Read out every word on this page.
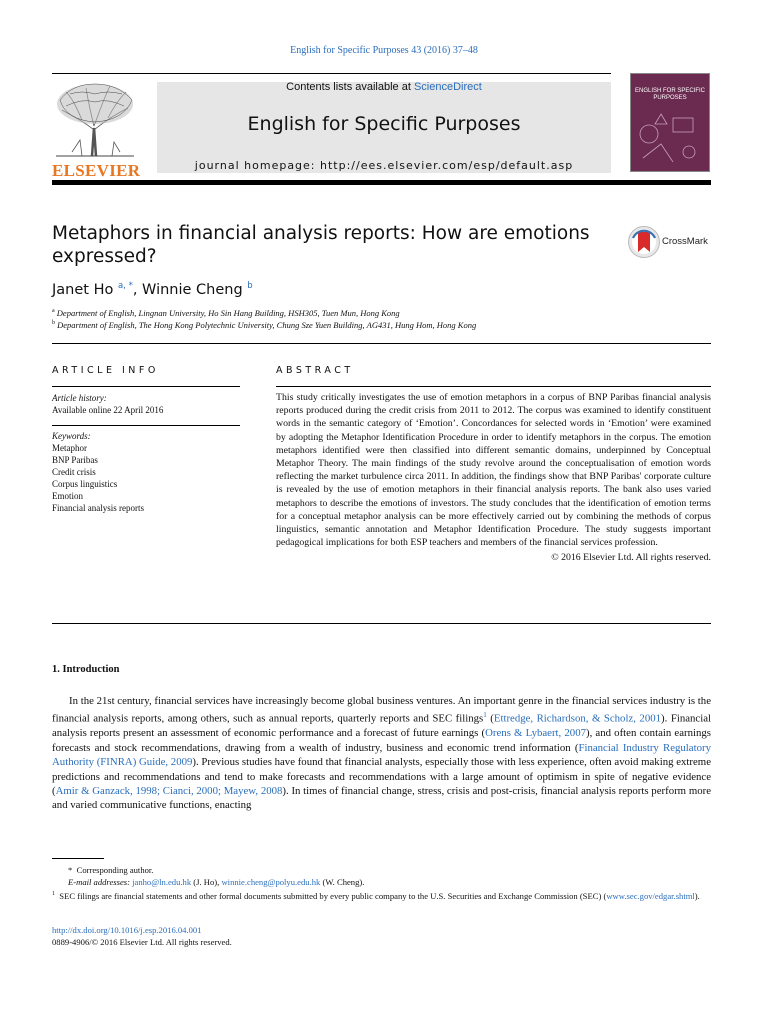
English for Specific Purposes 43 (2016) 37–48
ELSEVIER
Contents lists available at ScienceDirect
English for Specific Purposes
journal homepage: http://ees.elsevier.com/esp/default.asp
ENGLISH FOR SPECIFIC PURPOSES
Metaphors in financial analysis reports: How are emotions expressed?
CrossMark
Janet Ho $^{a, *}$, Winnie Cheng $^b$
$^a$ Department of English, Lingnan University, Ho Sin Hang Building, HSH305, Tuen Mun, Hong Kong
$^b$ Department of English, The Hong Kong Polytechnic University, Chung Sze Yuen Building, AG431, Hung Hom, Hong Kong
ARTICLE INFO
Article history:
Available online 22 April 2016
Keywords:
Metaphor
BNP Paribas
Credit crisis
Corpus linguistics
Emotion
Financial analysis reports
ABSTRACT
This study critically investigates the use of emotion metaphors in a corpus of BNP Paribas financial analysis reports produced during the credit crisis from 2011 to 2012. The corpus was examined to identify constituent words in the semantic category of ‘Emotion’. Concordances for selected words in ‘Emotion’ were examined by adopting the Metaphor Identification Procedure in order to identify metaphors in the corpus. The emotion metaphors identified were then classified into different semantic domains, underpinned by Conceptual Metaphor Theory. The main findings of the study revolve around the conceptualisation of emotion words reflecting the market turbulence circa 2011. In addition, the findings show that BNP Paribas' corporate culture is revealed by the use of emotion metaphors in their financial analysis reports. The bank also uses varied metaphors to describe the emotions of investors. The study concludes that the identification of emotion terms for a conceptual metaphor analysis can be more effectively carried out by combining the methods of corpus linguistics, semantic annotation and Metaphor Identification Procedure. The study suggests important pedagogical implications for both ESP teachers and members of the financial services profession.
© 2016 Elsevier Ltd. All rights reserved.
1. Introduction
In the 21st century, financial services have increasingly become global business ventures. An important genre in the financial services industry is the financial analysis reports, among others, such as annual reports, quarterly reports and SEC filings$^1$ (Ettredge, Richardson, & Scholz, 2001). Financial analysis reports present an assessment of economic performance and a forecast of future earnings (Orens & Lybaert, 2007), and often contain earnings forecasts and stock recommendations, drawing from a wealth of industry, business and economic trend information (Financial Industry Regulatory Authority (FINRA) Guide, 2009). Previous studies have found that financial analysts, especially those with less experience, often avoid making extreme predictions and recommendations and tend to make forecasts and recommendations with a large amount of optimism in spite of negative evidence (Amir & Ganzack, 1998; Cianci, 2000; Mayew, 2008). In times of financial change, stress, crisis and post-crisis, financial analysis reports perform more and varied communicative functions, enacting
* Corresponding author.
E-mail addresses: janho@ln.edu.hk (J. Ho), winnie.cheng@polyu.edu.hk (W. Cheng).
$^1$ SEC filings are financial statements and other formal documents submitted by every public company to the U.S. Securities and Exchange Commission (SEC) (www.sec.gov/edgar.shtml).
http://dx.doi.org/10.1016/j.esp.2016.04.001
0889-4906/© 2016 Elsevier Ltd. All rights reserved.
